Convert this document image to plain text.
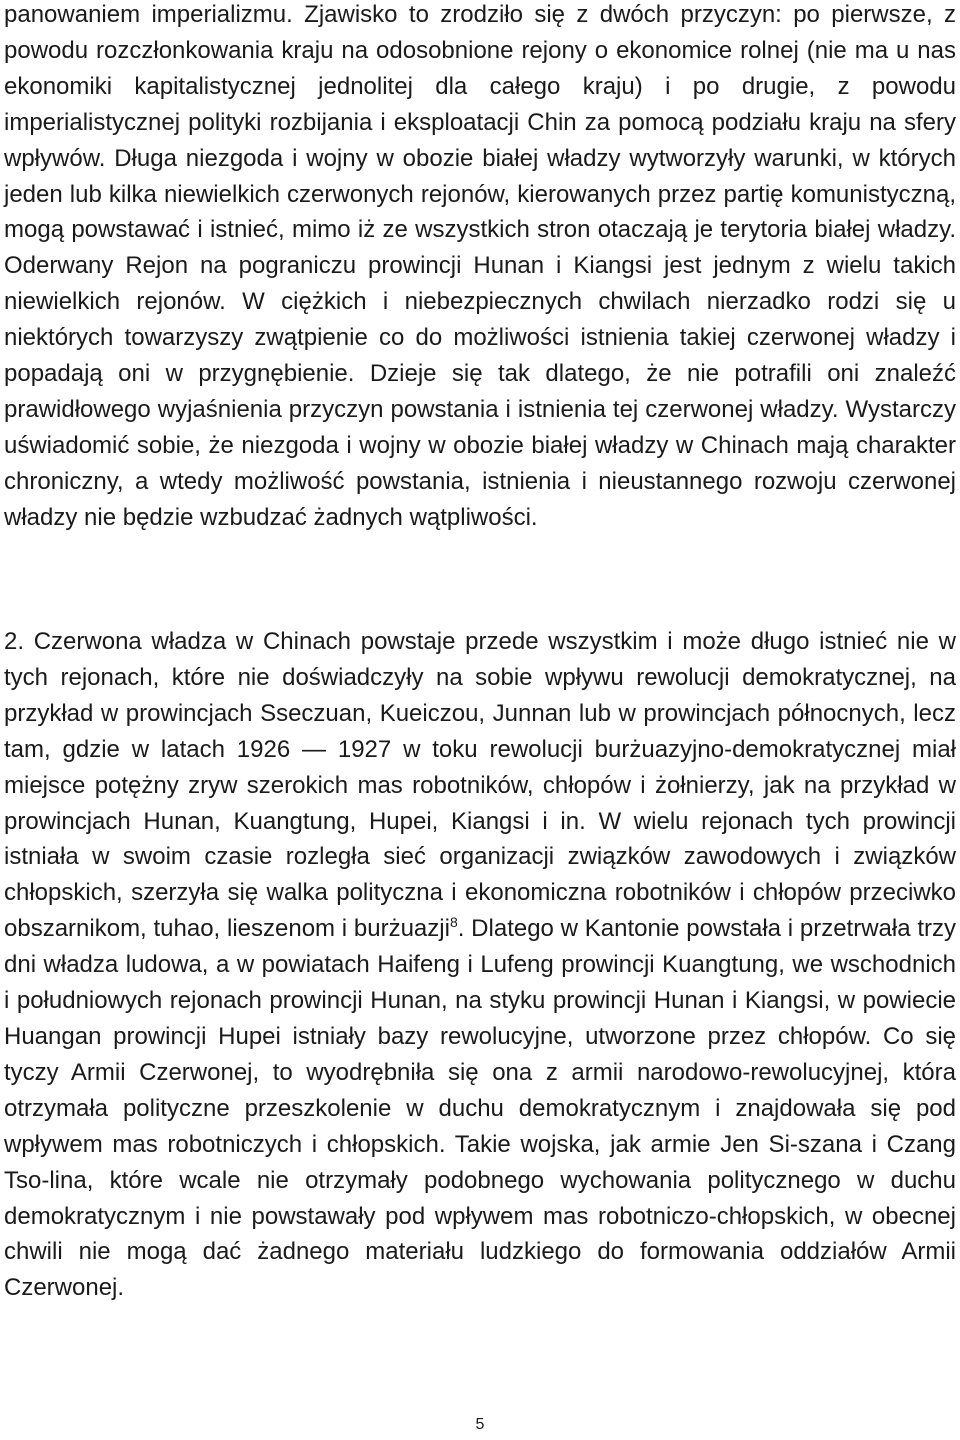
panowaniem imperializmu. Zjawisko to zrodziło się z dwóch przyczyn: po pierwsze, z powodu rozczłonkowania kraju na odosobnione rejony o ekonomice rolnej (nie ma u nas ekonomiki kapitalistycznej jednolitej dla całego kraju) i po drugie, z powodu imperialistycznej polityki rozbijania i eksploatacji Chin za pomocą podziału kraju na sfery wpływów. Długa niezgoda i wojny w obozie białej władzy wytworzyły warunki, w których jeden lub kilka niewielkich czerwonych rejonów, kierowanych przez partię komunistyczną, mogą powstawać i istnieć, mimo iż ze wszystkich stron otaczają je terytoria białej władzy. Oderwany Rejon na pograniczu prowincji Hunan i Kiangsi jest jednym z wielu takich niewielkich rejonów. W ciężkich i niebezpiecznych chwilach nierzadko rodzi się u niektórych towarzyszy zwątpienie co do możliwości istnienia takiej czerwonej władzy i popadają oni w przygnębienie. Dzieje się tak dlatego, że nie potrafili oni znaleźć prawidłowego wyjaśnienia przyczyn powstania i istnienia tej czerwonej władzy. Wystarczy uświadomić sobie, że niezgoda i wojny w obozie białej władzy w Chinach mają charakter chroniczny, a wtedy możliwość powstania, istnienia i nieustannego rozwoju czerwonej władzy nie będzie wzbudzać żadnych wątpliwości.

2. Czerwona władza w Chinach powstaje przede wszystkim i może długo istnieć nie w tych rejonach, które nie doświadczyły na sobie wpływu rewolucji demokratycznej, na przykład w prowincjach Sseczuan, Kueiczou, Junnan lub w prowincjach północnych, lecz tam, gdzie w latach 1926 — 1927 w toku rewolucji burżuazyjno-demokratycznej miał miejsce potężny zryw szerokich mas robotników, chłopów i żołnierzy, jak na przykład w prowincjach Hunan, Kuangtung, Hupei, Kiangsi i in. W wielu rejonach tych prowincji istniała w swoim czasie rozległa sieć organizacji związków zawodowych i związków chłopskich, szerzyła się walka polityczna i ekonomiczna robotników i chłopów przeciwko obszarnikom, tuhao, lieszenom i burżuazji$^8$. Dlatego w Kantonie powstała i przetrwała trzy dni władza ludowa, a w powiatach Haifeng i Lufeng prowincji Kuangtung, we wschodnich i południowych rejonach prowincji Hunan, na styku prowincji Hunan i Kiangsi, w powiecie Huangan prowincji Hupei istniały bazy rewolucyjne, utworzone przez chłopów. Co się tyczy Armii Czerwonej, to wyodrębniła się ona z armii narodowo-rewolucyjnej, która otrzymała polityczne przeszkolenie w duchu demokratycznym i znajdowała się pod wpływem mas robotniczych i chłopskich. Takie wojska, jak armie Jen Si-szana i Czang Tso-lina, które wcale nie otrzymały podobnego wychowania politycznego w duchu demokratycznym i nie powstawały pod wpływem mas robotniczo-chłopskich, w obecnej chwili nie mogą dać żadnego materiału ludzkiego do formowania oddziałów Armii Czerwonej.

5
